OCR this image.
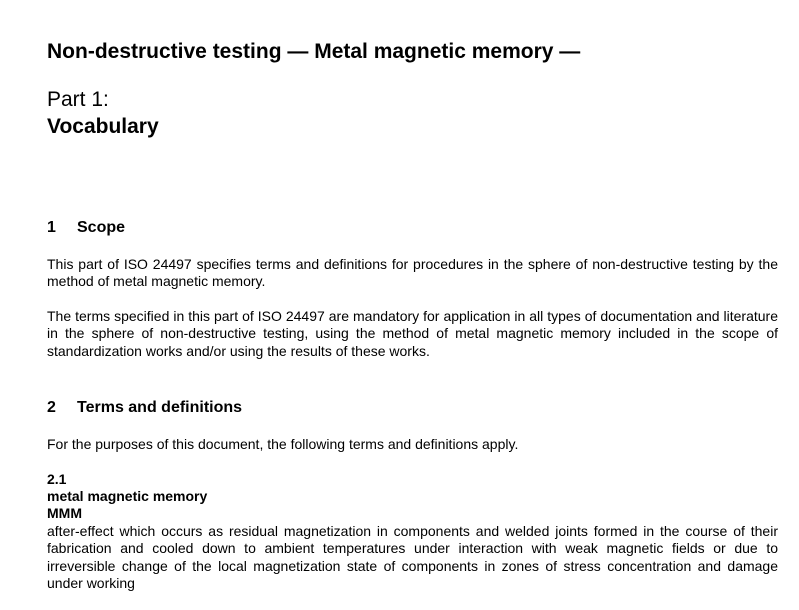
Non-destructive testing — Metal magnetic memory —
Part 1:
Vocabulary
1 Scope

This part of ISO 24497 specifies terms and definitions for procedures in the sphere of non-destructive testing by the method of metal magnetic memory.

The terms specified in this part of ISO 24497 are mandatory for application in all types of documentation and literature in the sphere of non-destructive testing, using the method of metal magnetic memory included in the scope of standardization works and/or using the results of these works.

2 Terms and definitions

For the purposes of this document, the following terms and definitions apply.

2.1
metal magnetic memory
MMM

after-effect which occurs as residual magnetization in components and welded joints formed in the course of their fabrication and cooled down to ambient temperatures under interaction with weak magnetic fields or due to irreversible change of the local magnetization state of components in zones of stress concentration and damage under working
